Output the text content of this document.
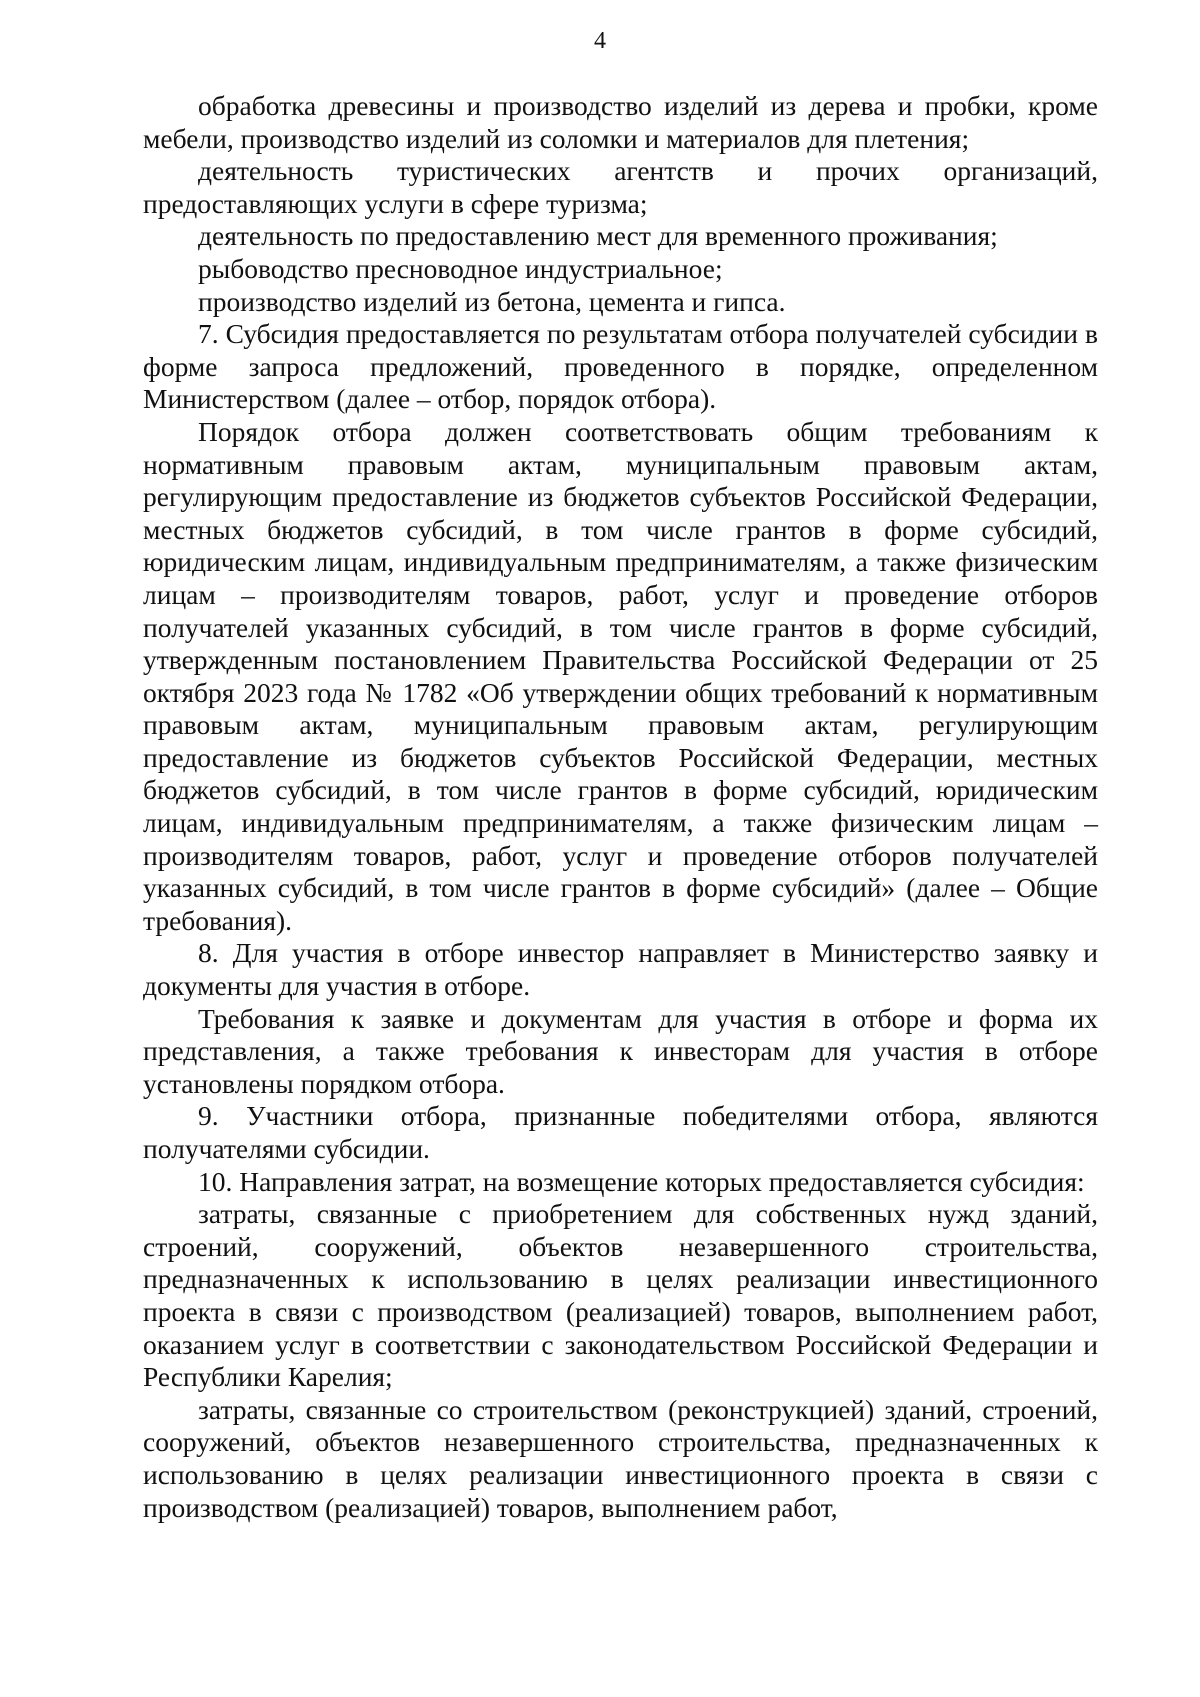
4

обработка древесины и производство изделий из дерева и пробки, кроме мебели, производство изделий из соломки и материалов для плетения;

деятельность туристических агентств и прочих организаций, предоставляющих услуги в сфере туризма;

деятельность по предоставлению мест для временного проживания;

рыбоводство пресноводное индустриальное;

производство изделий из бетона, цемента и гипса.

7. Субсидия предоставляется по результатам отбора получателей субсидии в форме запроса предложений, проведенного в порядке, определенном Министерством (далее – отбор, порядок отбора).

Порядок отбора должен соответствовать общим требованиям к нормативным правовым актам, муниципальным правовым актам, регулирующим предоставление из бюджетов субъектов Российской Федерации, местных бюджетов субсидий, в том числе грантов в форме субсидий, юридическим лицам, индивидуальным предпринимателям, а также физическим лицам – производителям товаров, работ, услуг и проведение отборов получателей указанных субсидий, в том числе грантов в форме субсидий, утвержденным постановлением Правительства Российской Федерации от 25 октября 2023 года № 1782 «Об утверждении общих требований к нормативным правовым актам, муниципальным правовым актам, регулирующим предоставление из бюджетов субъектов Российской Федерации, местных бюджетов субсидий, в том числе грантов в форме субсидий, юридическим лицам, индивидуальным предпринимателям, а также физическим лицам – производителям товаров, работ, услуг и проведение отборов получателей указанных субсидий, в том числе грантов в форме субсидий» (далее – Общие требования).

8. Для участия в отборе инвестор направляет в Министерство заявку и документы для участия в отборе.

Требования к заявке и документам для участия в отборе и форма их представления, а также требования к инвесторам для участия в отборе установлены порядком отбора.

9. Участники отбора, признанные победителями отбора, являются получателями субсидии.

10. Направления затрат, на возмещение которых предоставляется субсидия:

затраты, связанные с приобретением для собственных нужд зданий, строений, сооружений, объектов незавершенного строительства, предназначенных к использованию в целях реализации инвестиционного проекта в связи с производством (реализацией) товаров, выполнением работ, оказанием услуг в соответствии с законодательством Российской Федерации и Республики Карелия;

затраты, связанные со строительством (реконструкцией) зданий, строений, сооружений, объектов незавершенного строительства, предназначенных к использованию в целях реализации инвестиционного проекта в связи с производством (реализацией) товаров, выполнением работ,
